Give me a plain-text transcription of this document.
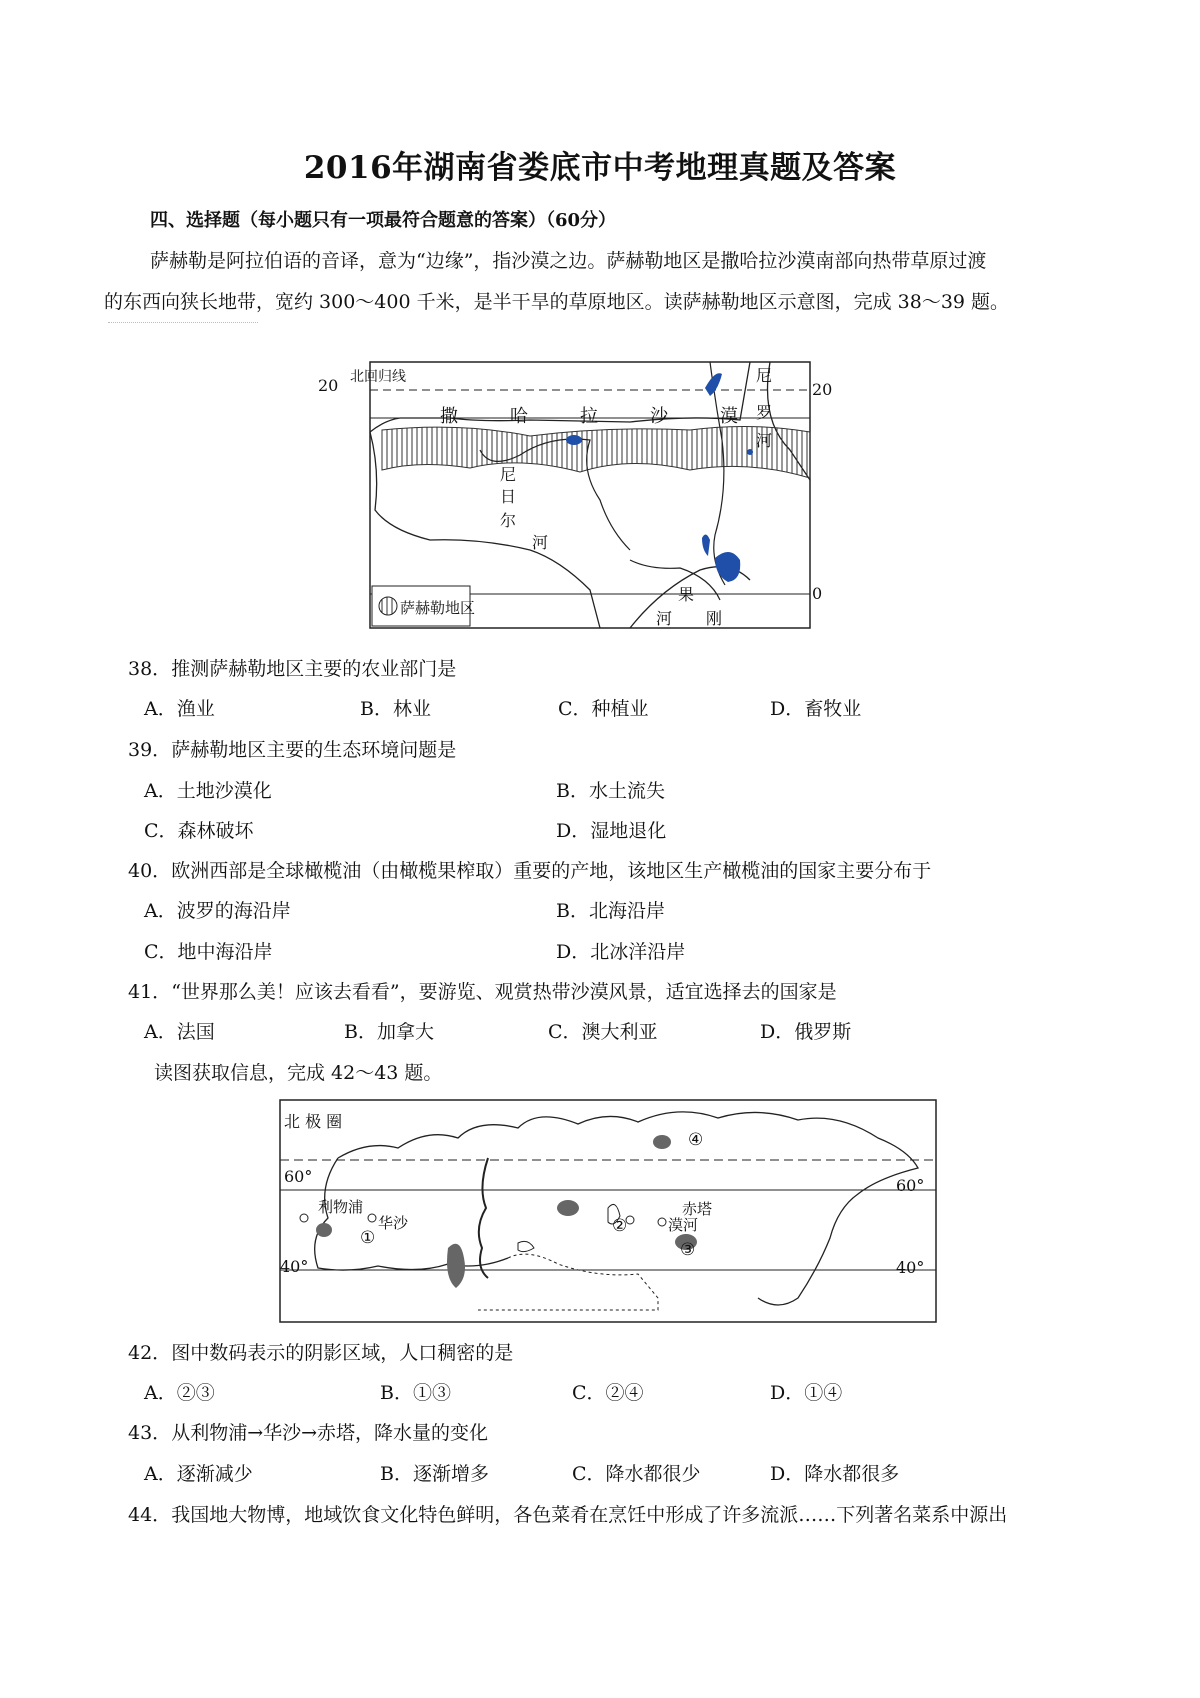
2016年湖南省娄底市中考地理真题及答案
四、选择题（每小题只有一项最符合题意的答案）（60分）
萨赫勒是阿拉伯语的音译，意为“边缘”，指沙漠之边。萨赫勒地区是撒哈拉沙漠南部向热带草原过渡
的东西向狭长地带，宽约 300～400 千米，是半干旱的草原地区。读萨赫勒地区示意图，完成 38～39 题。
北回归线
20	20
0
撒	哈	拉	沙	漠
尼
罗
河
尼
日
尔
河
果
河 刚
萨赫勒地区
38．推测萨赫勒地区主要的农业部门是
A．渔业	B．林业	C．种植业	D．畜牧业
39．萨赫勒地区主要的生态环境问题是
A．土地沙漠化	B．水土流失
C．森林破坏	D．湿地退化
40．欧洲西部是全球橄榄油（由橄榄果榨取）重要的产地，该地区生产橄榄油的国家主要分布于
A．波罗的海沿岸	B．北海沿岸
C．地中海沿岸	D．北冰洋沿岸
41．“世界那么美！应该去看看”，要游览、观赏热带沙漠风景，适宜选择去的国家是
A．法国	B．加拿大	C．澳大利亚	D．俄罗斯
读图获取信息，完成 42～43 题。
北 极 圈
60°	60°
40°	40°
利物浦
华沙
赤塔
漠河
①
②
③
④
42．图中数码表示的阴影区域，人口稠密的是
A．②③	B．①③	C．②④	D．①④
43．从利物浦→华沙→赤塔，降水量的变化
A．逐渐减少	B．逐渐增多	C．降水都很少	D．降水都很多
44．我国地大物博，地域饮食文化特色鲜明，各色菜肴在烹饪中形成了许多流派……下列著名菜系中源出
